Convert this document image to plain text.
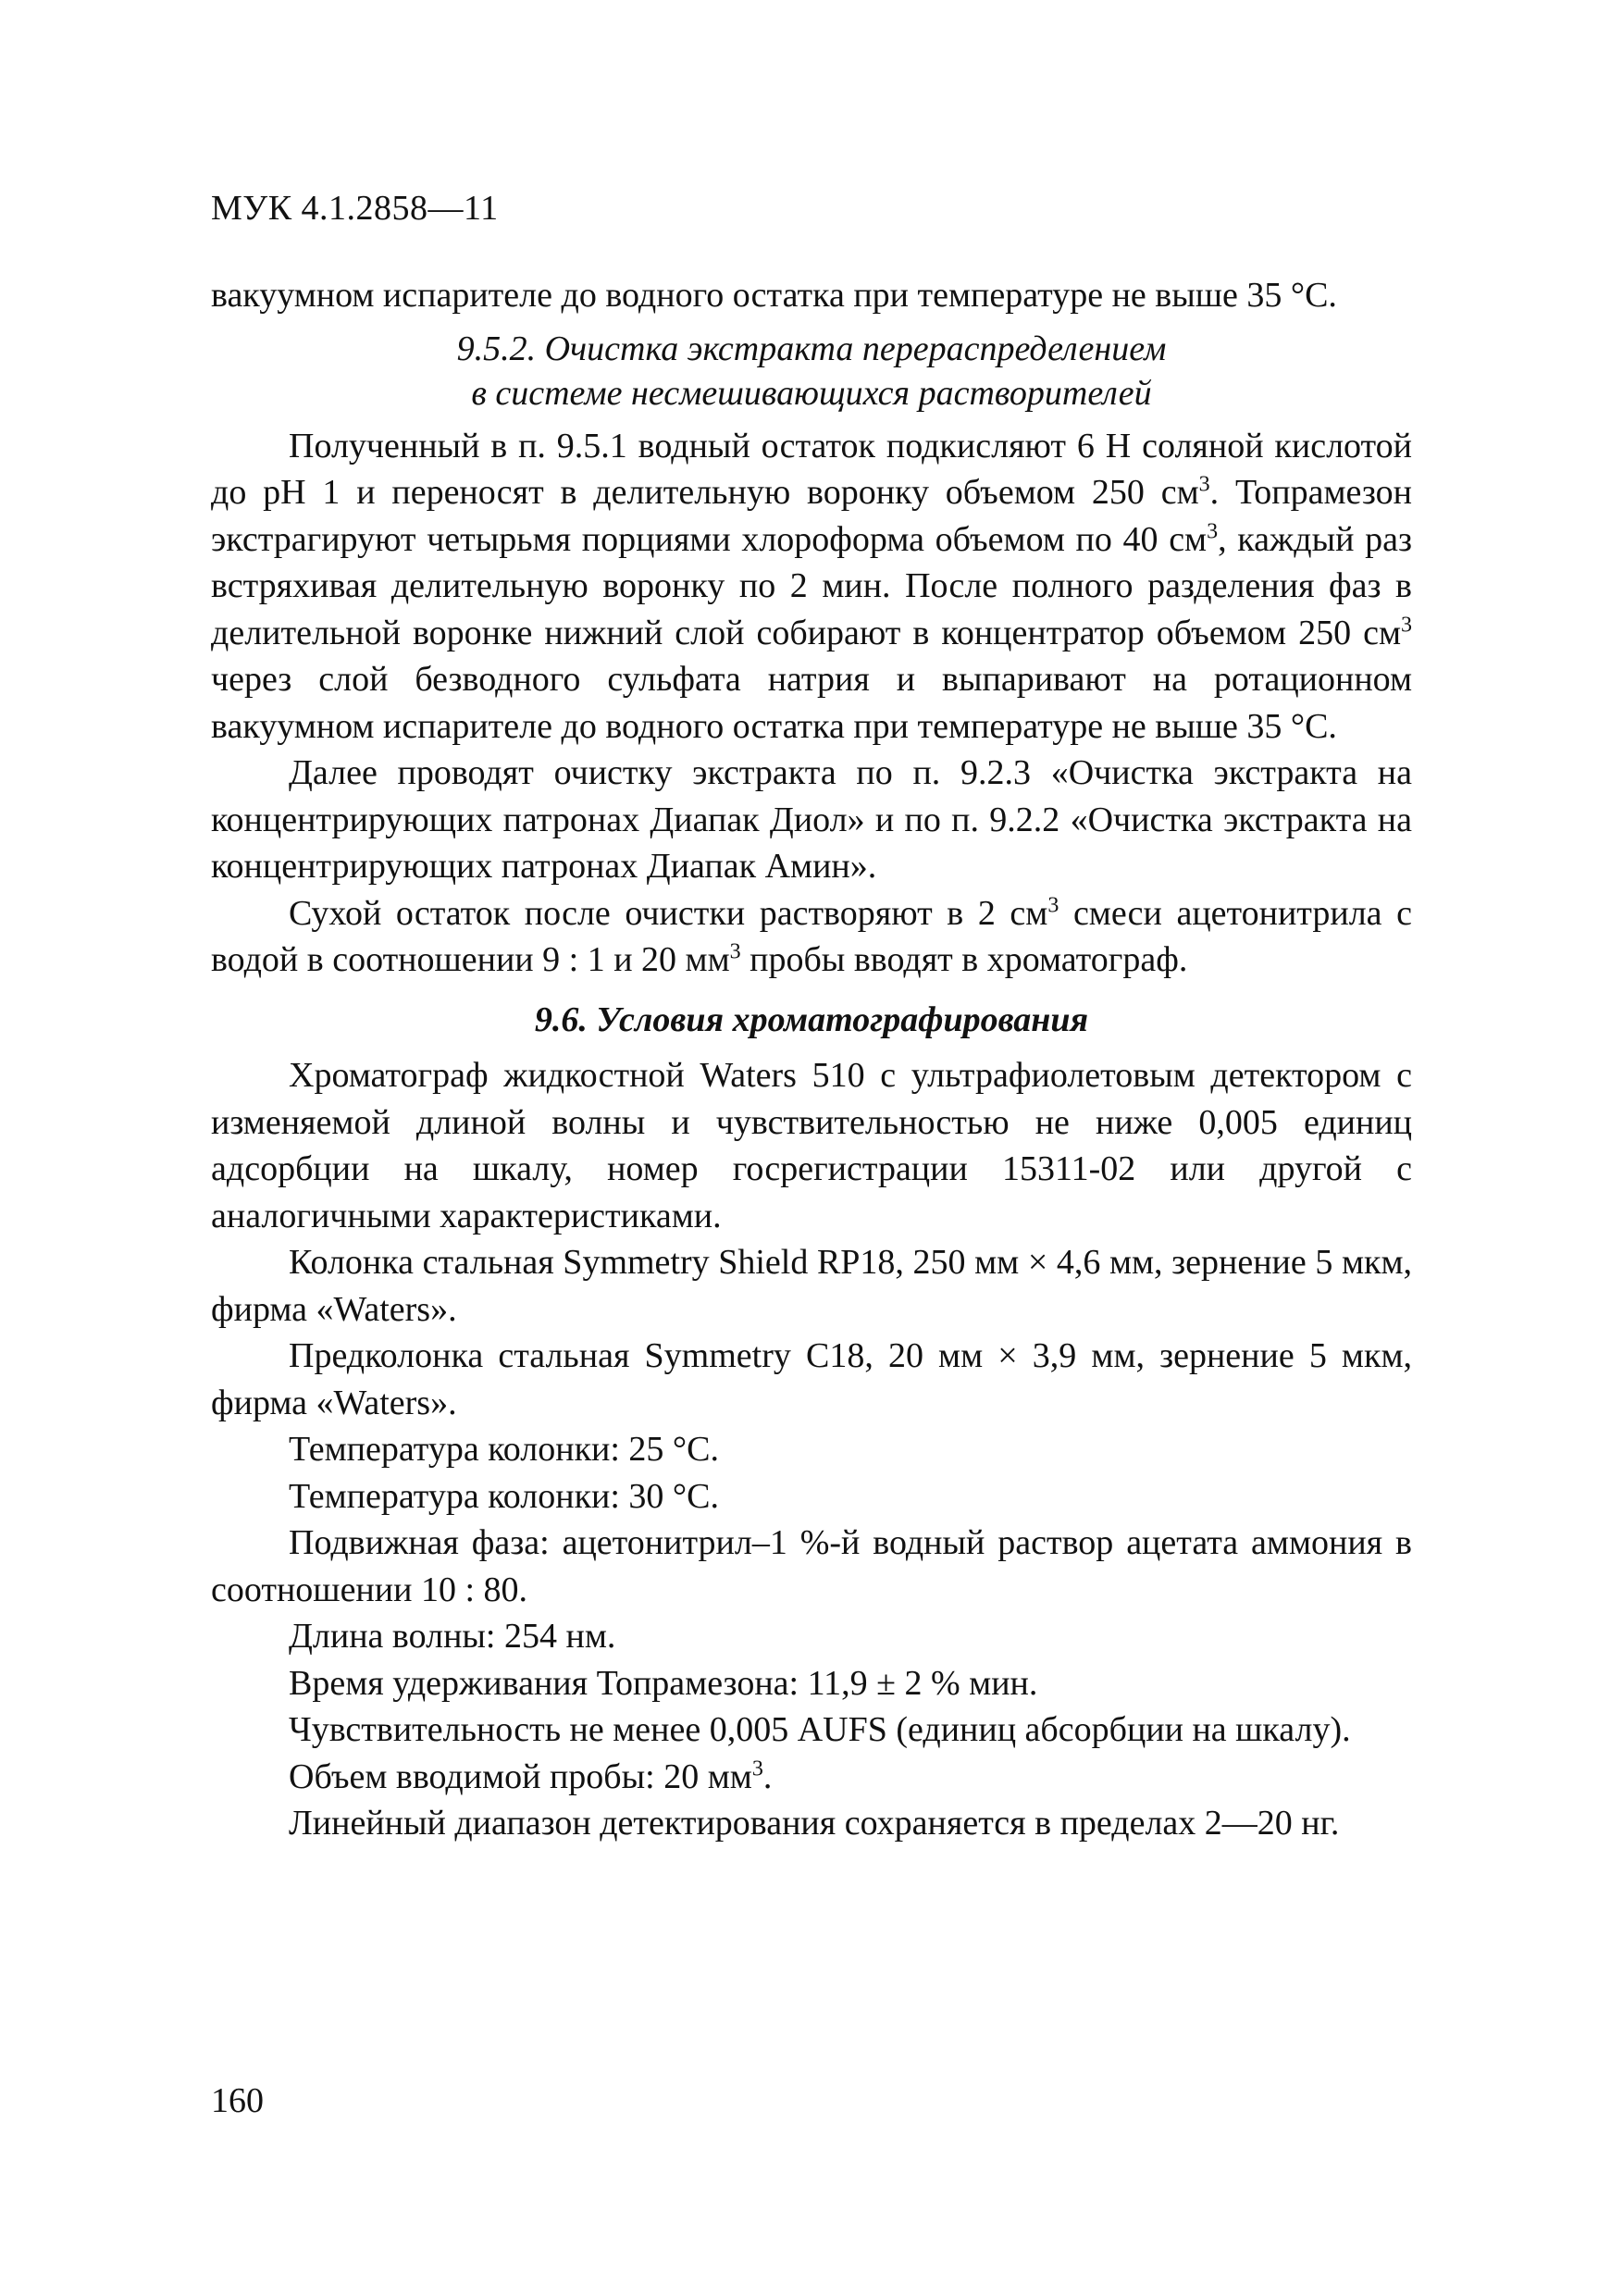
МУК 4.1.2858—11

вакуумном испарителе до водного остатка при температуре не выше 35 °С.

9.5.2. Очистка экстракта перераспределением
в системе несмешивающихся растворителей

Полученный в п. 9.5.1 водный остаток подкисляют 6 Н соляной кислотой до pH 1 и переносят в делительную воронку объемом 250 $см^3$. Топрамезон экстрагируют четырьмя порциями хлороформа объемом по 40 $см^3$, каждый раз встряхивая делительную воронку по 2 мин. После полного разделения фаз в делительной воронке нижний слой собирают в концентратор объемом 250 $см^3$ через слой безводного сульфата натрия и выпаривают на ротационном вакуумном испарителе до водного остатка при температуре не выше 35 °С.

Далее проводят очистку экстракта по п. 9.2.3 «Очистка экстракта на концентрирующих патронах Диапак Диол» и по п. 9.2.2 «Очистка экстракта на концентрирующих патронах Диапак Амин».

Сухой остаток после очистки растворяют в 2 $см^3$ смеси ацетонитрила с водой в соотношении 9 : 1 и 20 $мм^3$ пробы вводят в хроматограф.

9.6. Условия хроматографирования

Хроматограф жидкостной Waters 510 с ультрафиолетовым детектором с изменяемой длиной волны и чувствительностью не ниже 0,005 единиц адсорбции на шкалу, номер госрегистрации 15311-02 или другой с аналогичными характеристиками.

Колонка стальная Symmetry Shield RP18, 250 мм × 4,6 мм, зернение 5 мкм, фирма «Waters».

Предколонка стальная Symmetry C18, 20 мм × 3,9 мм, зернение 5 мкм, фирма «Waters».

Температура колонки: 25 °С.

Температура колонки: 30 °С.

Подвижная фаза: ацетонитрил–1 %-й водный раствор ацетата аммония в соотношении 10 : 80.

Длина волны: 254 нм.

Время удерживания Топрамезона: 11,9 ± 2 % мин.

Чувствительность не менее 0,005 AUFS (единиц абсорбции на шкалу).

Объем вводимой пробы: 20 $мм^3$.

Линейный диапазон детектирования сохраняется в пределах 2—20 нг.

160
